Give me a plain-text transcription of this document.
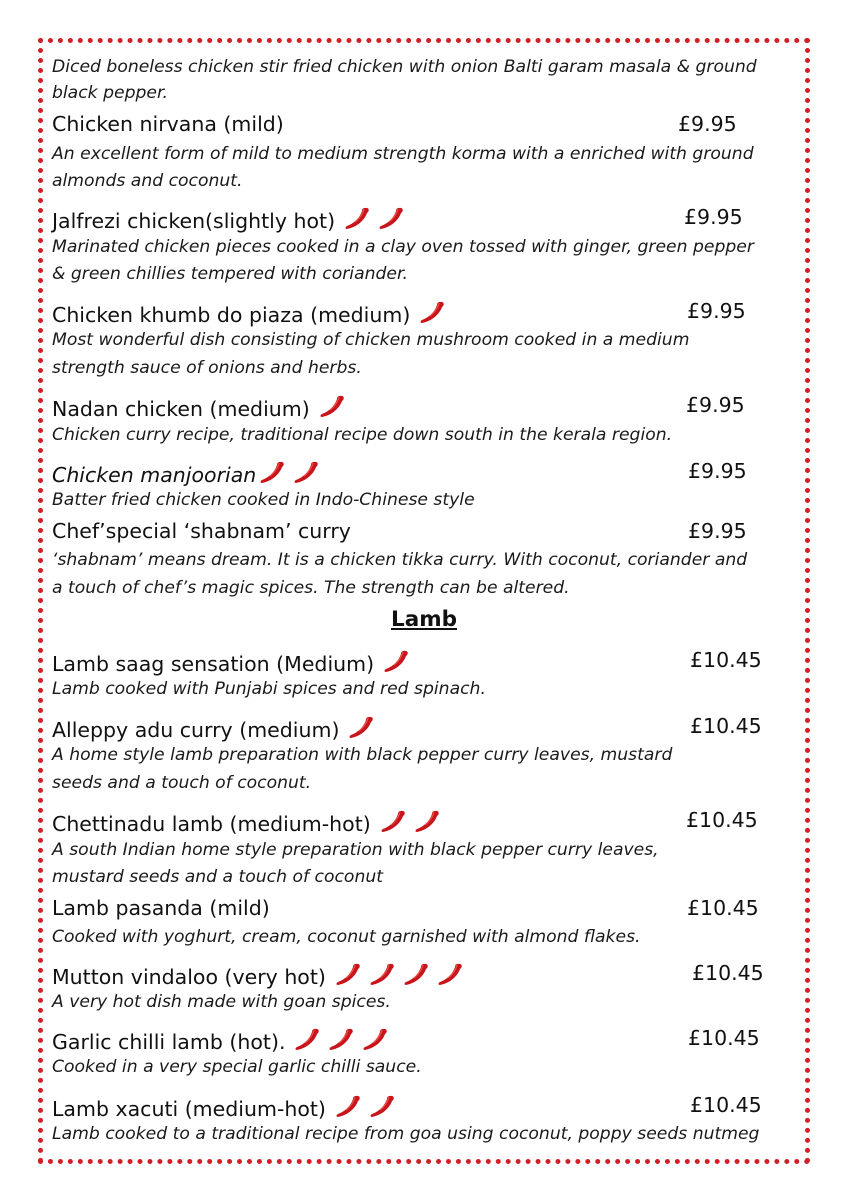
Diced boneless chicken stir fried chicken with onion Balti garam masala & ground
black pepper.
Chicken nirvana (mild)	£9.95
An excellent form of mild to medium strength korma with a enriched with ground
almonds and coconut.
Jalfrezi chicken(slightly hot)	£9.95
Marinated chicken pieces cooked in a clay oven tossed with ginger, green pepper
& green chillies tempered with coriander.
Chicken khumb do piaza (medium)	£9.95
Most wonderful dish consisting of chicken mushroom cooked in a medium
strength sauce of onions and herbs.
Nadan chicken (medium)	£9.95
Chicken curry recipe, traditional recipe down south in the kerala region.
Chicken manjoorian	£9.95
Batter fried chicken cooked in Indo-Chinese style
Chef’special ‘shabnam’ curry	£9.95
‘shabnam’ means dream. It is a chicken tikka curry. With coconut, coriander and
a touch of chef’s magic spices. The strength can be altered.
Lamb
Lamb saag sensation (Medium)	£10.45
Lamb cooked with Punjabi spices and red spinach.
Alleppy adu curry (medium)	£10.45
A home style lamb preparation with black pepper curry leaves, mustard
seeds and a touch of coconut.
Chettinadu lamb (medium-hot)	£10.45
A south Indian home style preparation with black pepper curry leaves,
mustard seeds and a touch of coconut
Lamb pasanda (mild)	£10.45
Cooked with yoghurt, cream, coconut garnished with almond flakes.
Mutton vindaloo (very hot)	£10.45
A very hot dish made with goan spices.
Garlic chilli lamb (hot).	£10.45
Cooked in a very special garlic chilli sauce.
Lamb xacuti (medium-hot)	£10.45
Lamb cooked to a traditional recipe from goa using coconut, poppy seeds nutmeg
